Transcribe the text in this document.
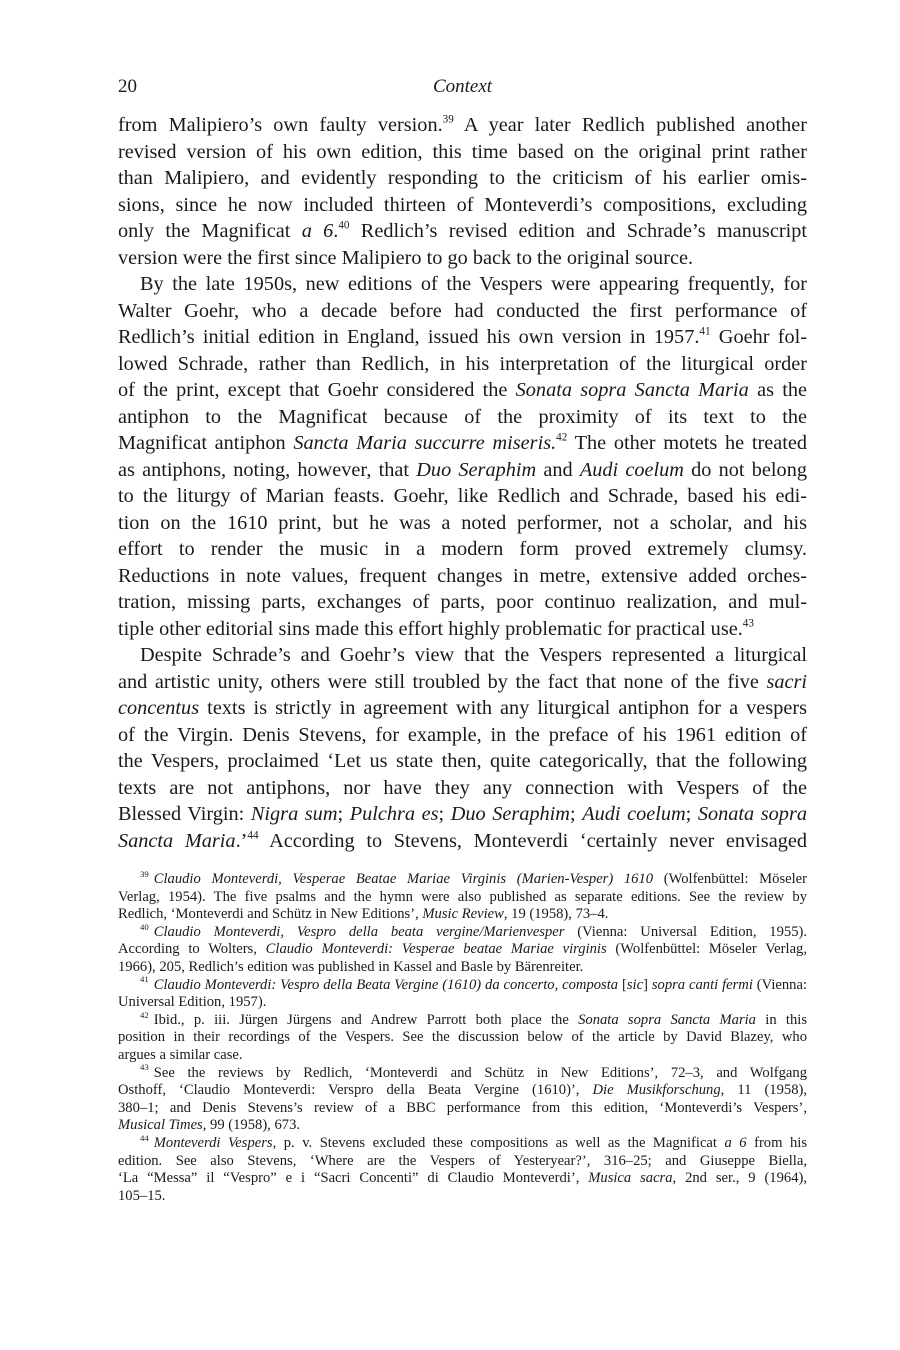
20	Context
from Malipiero’s own faulty version.$^{39}$ A year later Redlich published another
revised version of his own edition, this time based on the original print rather
than Malipiero, and evidently responding to the criticism of his earlier omis-
sions, since he now included thirteen of Monteverdi’s compositions, excluding
only the Magnificat a 6.40 Redlich’s revised edition and Schrade’s manuscript
version were the first since Malipiero to go back to the original source.
By the late 1950s, new editions of the Vespers were appearing frequently, for
Walter Goehr, who a decade before had conducted the first performance of
Redlich’s initial edition in England, issued his own version in 1957.41 Goehr fol-
lowed Schrade, rather than Redlich, in his interpretation of the liturgical order
of the print, except that Goehr considered the Sonata sopra Sancta Maria as the
antiphon to the Magnificat because of the proximity of its text to the
Magnificat antiphon Sancta Maria succurre miseris.$^{42}$ The other motets he treated
as antiphons, noting, however, that Duo Seraphim and Audi coelum do not belong
to the liturgy of Marian feasts. Goehr, like Redlich and Schrade, based his edi-
tion on the 1610 print, but he was a noted performer, not a scholar, and his
effort to render the music in a modern form proved extremely clumsy.
Reductions in note values, frequent changes in metre, extensive added orches-
tration, missing parts, exchanges of parts, poor continuo realization, and mul-
tiple other editorial sins made this effort highly problematic for practical use.$^{43}$
Despite Schrade’s and Goehr’s view that the Vespers represented a liturgical
and artistic unity, others were still troubled by the fact that none of the five sacri
concentus texts is strictly in agreement with any liturgical antiphon for a vespers
of the Virgin. Denis Stevens, for example, in the preface of his 1961 edition of
the Vespers, proclaimed ‘Let us state then, quite categorically, that the following
texts are not antiphons, nor have they any connection with Vespers of the
Blessed Virgin: Nigra sum; Pulchra es; Duo Seraphim; Audi coelum; Sonata sopra
Sancta Maria.’$^{44}$ According to Stevens, Monteverdi ‘certainly never envisaged
$^{39}$ Claudio Monteverdi, Vesperae Beatae Mariae Virginis (Marien-Vesper) 1610 (Wolfenbüttel: Möseler
Verlag, 1954). The five psalms and the hymn were also published as separate editions. See the review by
Redlich, ‘Monteverdi and Schütz in New Editions’, Music Review, 19 (1958), 73–4.
$^{40}$ Claudio Monteverdi, Vespro della beata vergine/Marienvesper (Vienna: Universal Edition, 1955).
According to Wolters, Claudio Monteverdi: Vesperae beatae Mariae virginis (Wolfenbüttel: Möseler Verlag,
1966), 205, Redlich’s edition was published in Kassel and Basle by Bärenreiter.
$^{41}$ Claudio Monteverdi: Vespro della Beata Vergine (1610) da concerto, composta [sic] sopra canti fermi (Vienna:
Universal Edition, 1957).
$^{42}$ Ibid., p. iii. Jürgen Jürgens and Andrew Parrott both place the Sonata sopra Sancta Maria in this
position in their recordings of the Vespers. See the discussion below of the article by David Blazey, who
argues a similar case.
$^{43}$ See the reviews by Redlich, ‘Monteverdi and Schütz in New Editions’, 72–3, and Wolfgang
Osthoff, ‘Claudio Monteverdi: Verspro della Beata Vergine (1610)’, Die Musikforschung, 11 (1958),
380–1; and Denis Stevens’s review of a BBC performance from this edition, ‘Monteverdi’s Vespers’,
Musical Times, 99 (1958), 673.
$^{44}$ Monteverdi Vespers, p. v. Stevens excluded these compositions as well as the Magnificat a 6 from his
edition. See also Stevens, ‘Where are the Vespers of Yesteryear?’, 316–25; and Giuseppe Biella,
‘La “Messa” il “Vespro” e i “Sacri Concenti” di Claudio Monteverdi’, Musica sacra, 2nd ser., 9 (1964),
105–15.
